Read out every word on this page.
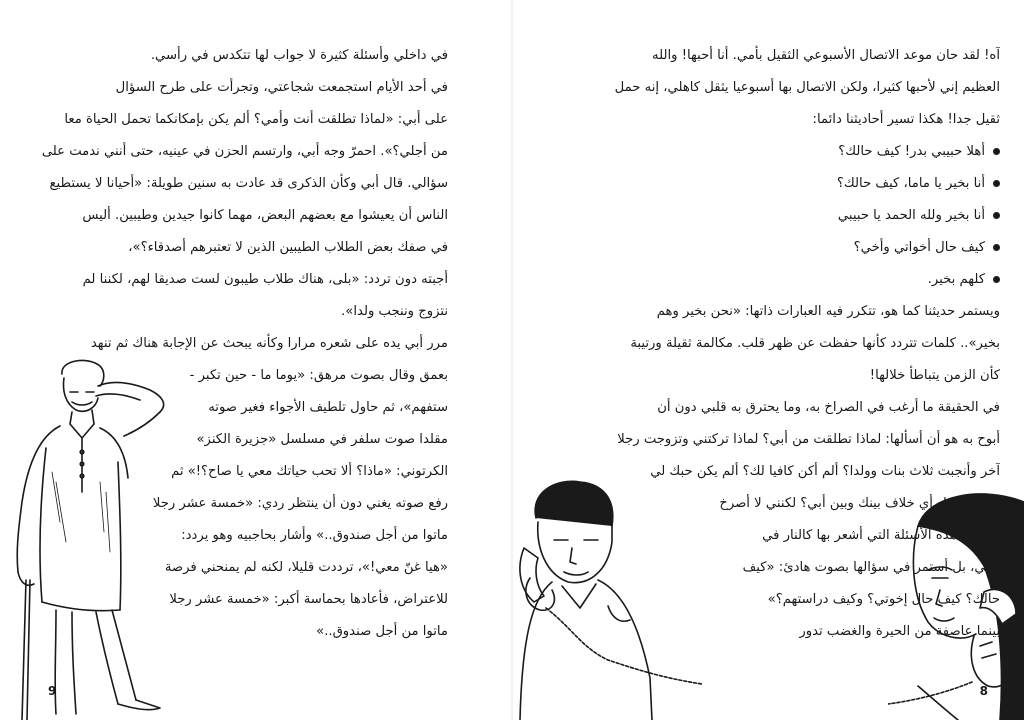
في داخلي وأسئلة كثيرة لا جواب لها تتكدس في رأسي.

في أحد الأيام استجمعت شجاعتي، وتجرأت على طرح السؤال

على أبي: «لماذا تطلقت أنت وأمي؟ ألم يكن بإمكانكما تحمل الحياة معا

من أجلي؟». احمرّ وجه أبي، وارتسم الحزن في عينيه، حتى أنني ندمت على

سؤالي. قال أبي وكأن الذكرى قد عادت به سنين طويلة: «أحيانا لا يستطيع

الناس أن يعيشوا مع بعضهم البعض، مهما كانوا جيدين وطيبين. أليس

في صفك بعض الطلاب الطيبين الذين لا تعتبرهم أصدقاء؟»،

أجبته دون تردد: «بلى، هناك طلاب طيبون لست صديقا لهم، لكننا لم

نتزوج وننجب ولدا».

مرر أبي يده على شعره مرارا وكأنه يبحث عن الإجابة هناك ثم تنهد

بعمق وقال بصوت مرهق: «يوما ما - حين تكبر -

ستفهم»، ثم حاول تلطيف الأجواء فغير صوته

مقلدا صوت سلفر في مسلسل «جزيرة الكنز»

الكرتوني: «ماذا؟ ألا تحب حياتك معي يا صاح؟!» ثم

رفع صوته يغني دون أن ينتظر ردي: «خمسة عشر رجلا

ماتوا من أجل صندوق..» وأشار بحاجبيه وهو يردد:

«هيا غنّ معي!»، ترددت قليلا، لكنه لم يمنحني فرصة

للاعتراض، فأعادها بحماسة أكبر: «خمسة عشر رجلا

ماتوا من أجل صندوق..»

9

آه! لقد حان موعد الاتصال الأسبوعي الثقيل بأمي. أنا أحبها! والله

العظيم إني لأحبها كثيرا، ولكن الاتصال بها أسبوعيا يثقل كاهلي، إنه حمل

ثقيل جدا! هكذا تسير أحاديثنا دائما:

أهلا حبيبي بدر! كيف حالك؟
أنا بخير يا ماما، كيف حالك؟
أنا بخير ولله الحمد يا حبيبي
كيف حال أخواتي وأخي؟
كلهم بخير.

ويستمر حديثنا كما هو، تتكرر فيه العبارات ذاتها: «نحن بخير وهم

بخير».. كلمات تتردد كأنها حفظت عن ظهر قلب. مكالمة ثقيلة ورتيبة

كأن الزمن يتباطأ خلالها!

في الحقيقة ما أرغب في الصراخ به، وما يحترق به قلبي دون أن

أبوح به هو أن أسألها: لماذا تطلقت من أبي؟ لماذا تركتني وتزوجت رجلا

آخر وأنجبت ثلاث بنات وولدا؟ ألم أكن كافيا لك؟ ألم يكن حبك لي

كافيا لتحمل أي خلاف بينك وبين أبي؟ لكنني لا أصرخ

بأي من هذه الأسئلة التي أشعر بها كالنار في

قلبي، بل أستمر في سؤالها بصوت هادئ: «كيف

حالك؟ كيف حال إخوتي؟ وكيف دراستهم؟»

بينما عاصفة من الحيرة والغضب تدور

8
